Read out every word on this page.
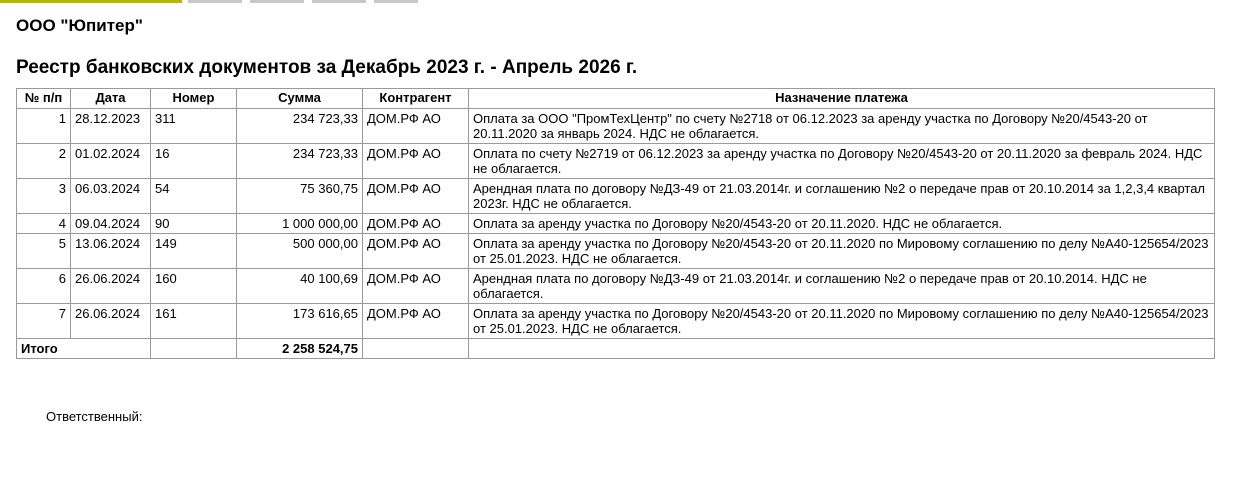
ООО "Юпитер"
Реестр банковских документов за Декабрь 2023 г. - Апрель 2026 г.
№ п/п	Дата	Номер	Сумма	Контрагент	Назначение платежа
1	28.12.2023	311	234 723,33	ДОМ.РФ АО	Оплата за ООО "ПромТехЦентр" по счету №2718 от 06.12.2023 за аренду участка по Договору №20/4543-20 от 20.11.2020 за январь 2024. НДС не облагается.
2	01.02.2024	16	234 723,33	ДОМ.РФ АО	Оплата по счету №2719 от 06.12.2023 за аренду участка по Договору №20/4543-20 от 20.11.2020 за февраль 2024. НДС не облагается.
3	06.03.2024	54	75 360,75	ДОМ.РФ АО	Арендная плата по договору №ДЗ-49 от 21.03.2014г. и соглашению №2 о передаче прав от 20.10.2014 за 1,2,3,4 квартал 2023г. НДС не облагается.
4	09.04.2024	90	1 000 000,00	ДОМ.РФ АО	Оплата за аренду участка по Договору №20/4543-20 от 20.11.2020. НДС не облагается.
5	13.06.2024	149	500 000,00	ДОМ.РФ АО	Оплата за аренду участка по Договору №20/4543-20 от 20.11.2020 по Мировому соглашению по делу №А40-125654/2023 от 25.01.2023. НДС не облагается.
6	26.06.2024	160	40 100,69	ДОМ.РФ АО	Арендная плата по договору №ДЗ-49 от 21.03.2014г. и соглашению №2 о передаче прав от 20.10.2014. НДС не облагается.
7	26.06.2024	161	173 616,65	ДОМ.РФ АО	Оплата за аренду участка по Договору №20/4543-20 от 20.11.2020 по Мировому соглашению по делу №А40-125654/2023 от 25.01.2023. НДС не облагается.
Итого			2 258 524,75		
Ответственный:
